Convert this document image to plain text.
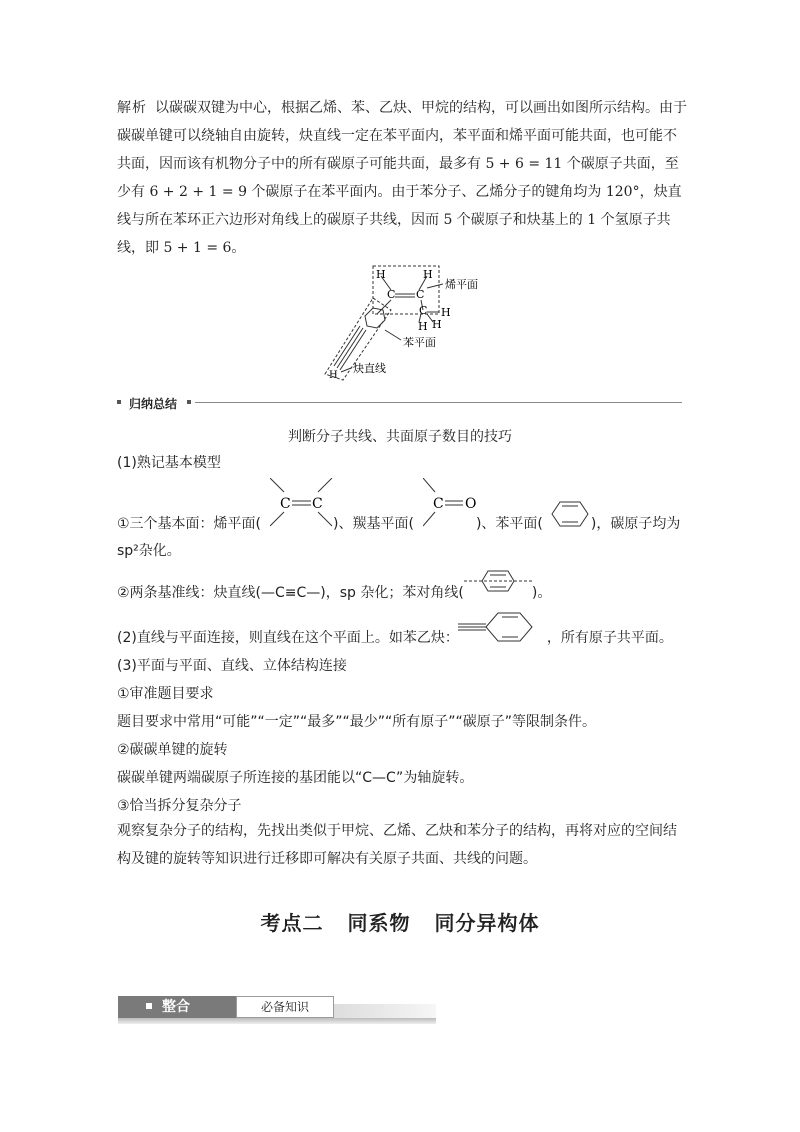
解析 以碳碳双键为中心，根据乙烯、苯、乙炔、甲烷的结构，可以画出如图所示结构。由于碳碳单键可以绕轴自由旋转，炔直线一定在苯平面内，苯平面和烯平面可能共面，也可能不共面，因而该有机物分子中的所有碳原子可能共面，最多有 5 + 6 = 11 个碳原子共面，至少有 6 + 2 + 1 = 9 个碳原子在苯平面内。由于苯分子、乙烯分子的键角均为 120°，炔直线与所在苯环正六边形对角线上的碳原子共线，因而 5 个碳原子和炔基上的 1 个氢原子共线，即 5 + 1 = 6。
H	H
C C
C H
H H
H
烯平面
苯平面
炔直线
归纳总结
判断分子共线、共面原子数目的技巧
(1)熟记基本模型
①三个基本面：烯平面(	)、羰基平面(	)、苯平面(	)，碳原子均为
C C	C O
sp²杂化。
②两条基准线：炔直线(—C≡C—)，sp 杂化；苯对角线(	)。
(2)直线与平面连接，则直线在这个平面上。如苯乙炔：	，所有原子共平面。
(3)平面与平面、直线、立体结构连接
①审准题目要求
题目要求中常用“可能”“一定”“最多”“最少”“所有原子”“碳原子”等限制条件。
②碳碳单键的旋转
碳碳单键两端碳原子所连接的基团能以“C—C”为轴旋转。
③恰当拆分复杂分子
观察复杂分子的结构，先找出类似于甲烷、乙烯、乙炔和苯分子的结构，再将对应的空间结构及键的旋转等知识进行迁移即可解决有关原子共面、共线的问题。
考点二 同系物 同分异构体
整合	必备知识
